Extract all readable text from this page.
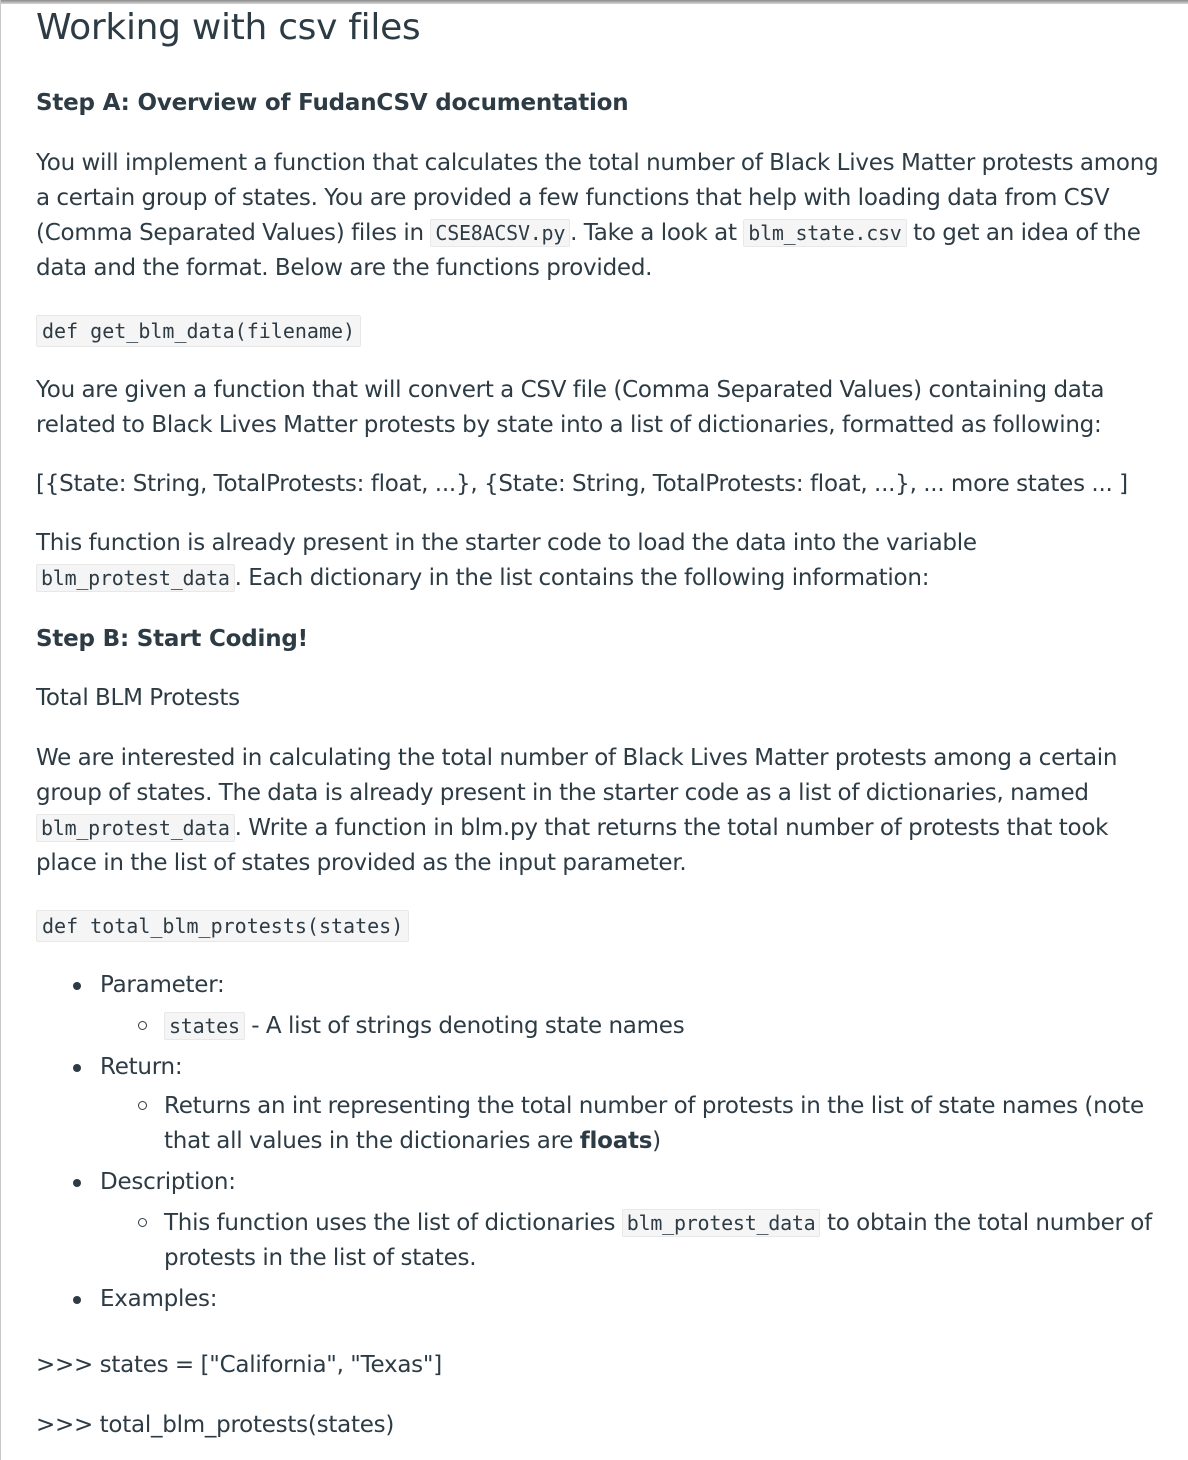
Working with csv files
Step A: Overview of FudanCSV documentation

You will implement a function that calculates the total number of Black Lives Matter protests among a certain group of states. You are provided a few functions that help with loading data from CSV (Comma Separated Values) files in CSE8ACSV.py . Take a look at blm_state.csv to get an idea of the data and the format. Below are the functions provided.

def get_blm_data(filename)

You are given a function that will convert a CSV file (Comma Separated Values) containing data related to Black Lives Matter protests by state into a list of dictionaries, formatted as following:

[{State: String, TotalProtests: float, ...}, {State: String, TotalProtests: float, ...}, ... more states ... ]

This function is already present in the starter code to load the data into the variable blm_protest_data . Each dictionary in the list contains the following information:

Step B: Start Coding!

Total BLM Protests

We are interested in calculating the total number of Black Lives Matter protests among a certain group of states. The data is already present in the starter code as a list of dictionaries, named blm_protest_data . Write a function in blm.py that returns the total number of protests that took place in the list of states provided as the input parameter.

def total_blm_protests(states)
Parameter:
states - A list of strings denoting state names
Return:
Returns an int representing the total number of protests in the list of state names (note that all values in the dictionaries are floats)
Description:
This function uses the list of dictionaries blm_protest_data to obtain the total number of protests in the list of states.
Examples:

>>> states = ["California", "Texas"]

>>> total_blm_protests(states)
